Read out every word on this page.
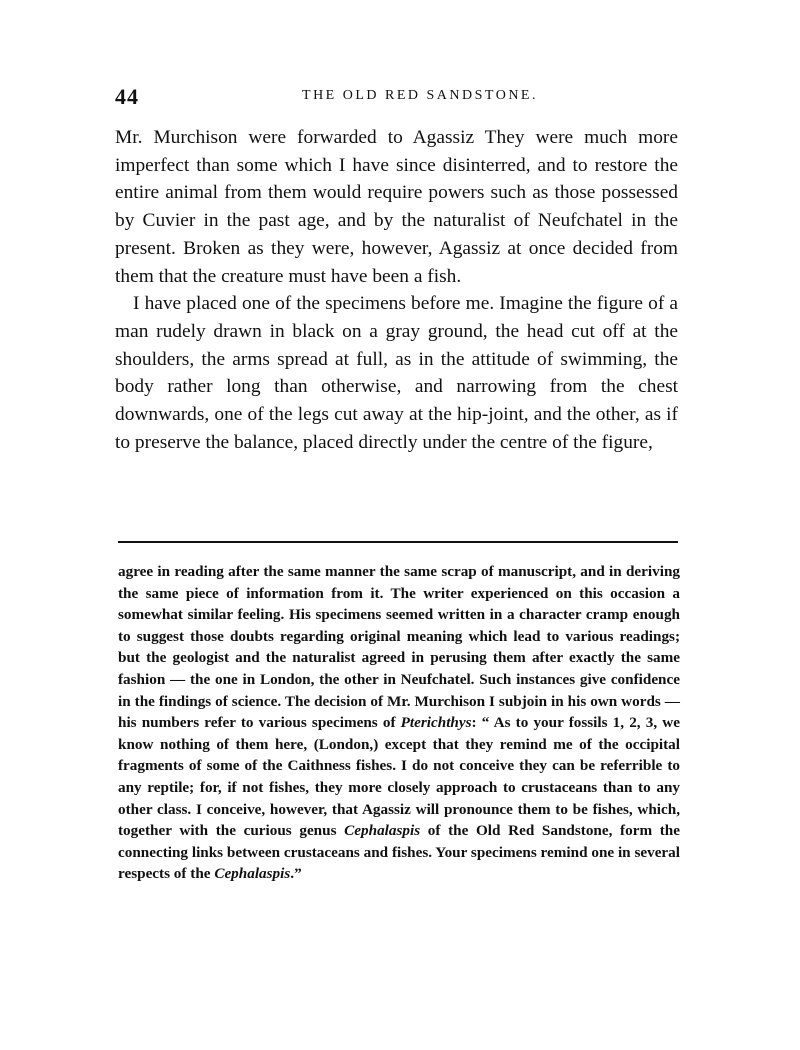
44	THE OLD RED SANDSTONE.

Mr. Murchison were forwarded to Agassiz They were much more imperfect than some which I have since disinterred, and to restore the entire animal from them would require powers such as those possessed by Cuvier in the past age, and by the naturalist of Neufchatel in the present. Broken as they were, however, Agassiz at once decided from them that the creature must have been a fish.

I have placed one of the specimens before me. Imagine the figure of a man rudely drawn in black on a gray ground, the head cut off at the shoulders, the arms spread at full, as in the attitude of swimming, the body rather long than otherwise, and narrowing from the chest downwards, one of the legs cut away at the hip-joint, and the other, as if to preserve the balance, placed directly under the centre of the figure,

agree in reading after the same manner the same scrap of manuscript, and in deriving the same piece of information from it. The writer experienced on this occasion a somewhat similar feeling. His specimens seemed written in a character cramp enough to suggest those doubts regarding original meaning which lead to various readings; but the geologist and the naturalist agreed in perusing them after exactly the same fashion — the one in London, the other in Neufchatel. Such instances give confidence in the findings of science. The decision of Mr. Murchison I subjoin in his own words — his numbers refer to various specimens of Pterichthys: “ As to your fossils 1, 2, 3, we know nothing of them here, (London,) except that they remind me of the occipital fragments of some of the Caithness fishes. I do not conceive they can be referrible to any reptile; for, if not fishes, they more closely approach to crustaceans than to any other class. I conceive, however, that Agassiz will pronounce them to be fishes, which, together with the curious genus Cephalaspis of the Old Red Sandstone, form the connecting links between crustaceans and fishes. Your specimens remind one in several respects of the Cephalaspis.”
